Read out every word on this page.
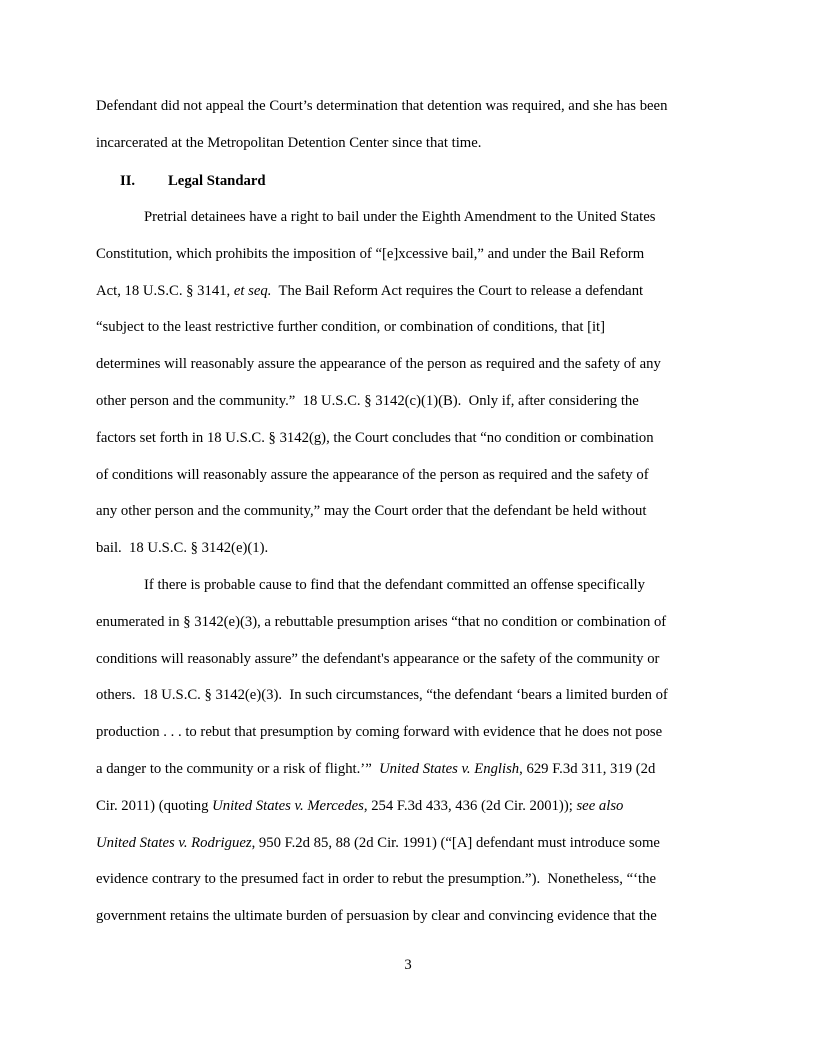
Defendant did not appeal the Court’s determination that detention was required, and she has been
incarcerated at the Metropolitan Detention Center since that time.
II. Legal Standard
Pretrial detainees have a right to bail under the Eighth Amendment to the United States
Constitution, which prohibits the imposition of “[e]xcessive bail,” and under the Bail Reform
Act, 18 U.S.C. § 3141, et seq.  The Bail Reform Act requires the Court to release a defendant
“subject to the least restrictive further condition, or combination of conditions, that [it]
determines will reasonably assure the appearance of the person as required and the safety of any
other person and the community.”  18 U.S.C. § 3142(c)(1)(B).  Only if, after considering the
factors set forth in 18 U.S.C. § 3142(g), the Court concludes that “no condition or combination
of conditions will reasonably assure the appearance of the person as required and the safety of
any other person and the community,” may the Court order that the defendant be held without
bail.  18 U.S.C. § 3142(e)(1).
If there is probable cause to find that the defendant committed an offense specifically
enumerated in § 3142(e)(3), a rebuttable presumption arises “that no condition or combination of
conditions will reasonably assure” the defendant's appearance or the safety of the community or
others.  18 U.S.C. § 3142(e)(3).  In such circumstances, “the defendant ‘bears a limited burden of
production . . . to rebut that presumption by coming forward with evidence that he does not pose
a danger to the community or a risk of flight.’”  United States v. English, 629 F.3d 311, 319 (2d
Cir. 2011) (quoting United States v. Mercedes, 254 F.3d 433, 436 (2d Cir. 2001)); see also
United States v. Rodriguez, 950 F.2d 85, 88 (2d Cir. 1991) (“[A] defendant must introduce some
evidence contrary to the presumed fact in order to rebut the presumption.”).  Nonetheless, “‘the
government retains the ultimate burden of persuasion by clear and convincing evidence that the
3
